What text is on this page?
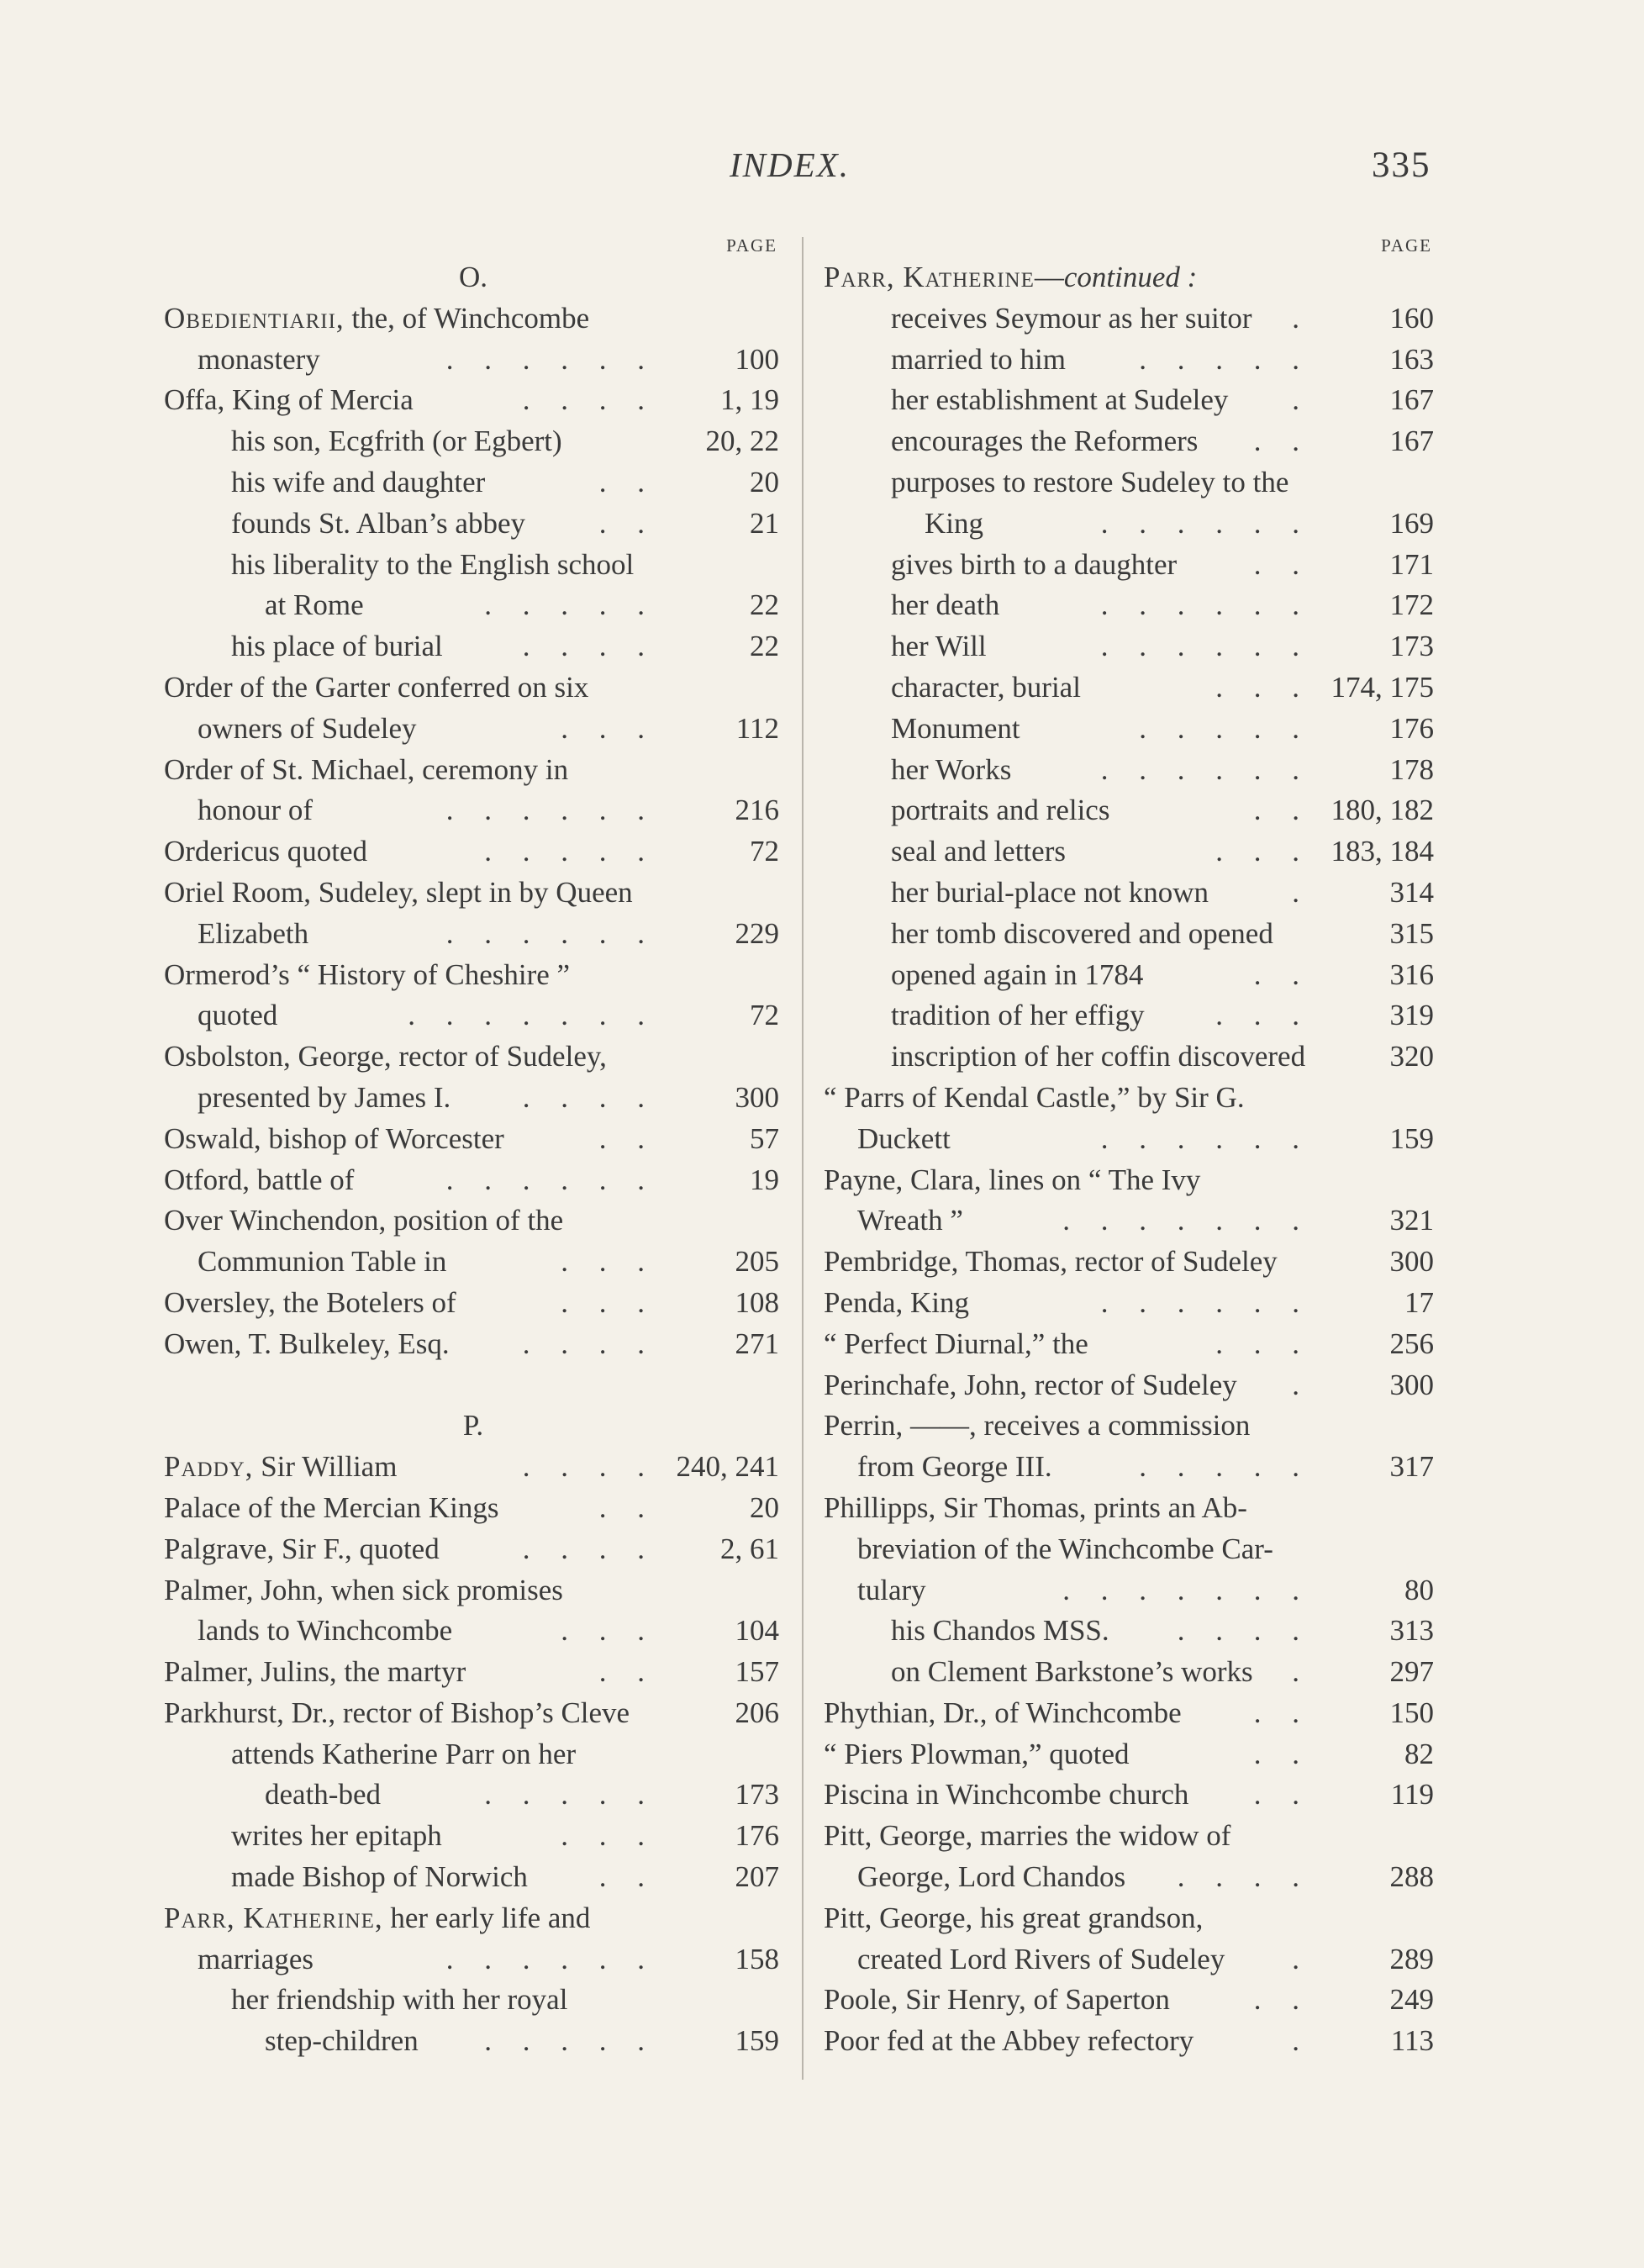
INDEX.	335
PAGE
O.
Obedientiarii, the, of Winchcombe
monastery	. . . . . .	100
Offa, King of Mercia	. . . . 1, 19
his son, Ecgfrith (or Egbert)	20, 22
his wife and daughter	. .	20
founds St. Alban’s abbey	. .	21
his liberality to the English school
at Rome	. . . . .	22
his place of burial	. . . .	22
Order of the Garter conferred on six
owners of Sudeley	. . .	112
Order of St. Michael, ceremony in
honour of	. . . . . .	216
Ordericus quoted	. . . . .	72
Oriel Room, Sudeley, slept in by Queen
Elizabeth	. . . . . .	229
Ormerod’s “ History of Cheshire ”
quoted	. . . . . . .	72
Osbolston, George, rector of Sudeley,
presented by James I. . . . .	300
Oswald, bishop of Worcester	. .	57
Otford, battle of	. . . . . .	19
Over Winchendon, position of the
Communion Table in	. . .	205
Oversley, the Botelers of	. . .	108
Owen, T. Bulkeley, Esq. . . . .	271
P.
Paddy, Sir William	. . . . 240, 241
Palace of the Mercian Kings	. .	20
Palgrave, Sir F., quoted	. . . . 2, 61
Palmer, John, when sick promises
lands to Winchcombe	. . .	104
Palmer, Julins, the martyr	. .	157
Parkhurst, Dr., rector of Bishop’s Cleve	206
attends Katherine Parr on her
death-bed	. . . . .	173
writes her epitaph	. . .	176
made Bishop of Norwich . .	207
Parr, Katherine, her early life and
marriages	. . . . . .	158
her friendship with her royal
step-children . . . . .	159
PAGE
Parr, Katherine—continued :
receives Seymour as her suitor .	160
married to him . . . . .	163
her establishment at Sudeley .	167
encourages the Reformers . .	167
purposes to restore Sudeley to the
King	. . . . . .	169
gives birth to a daughter	. .	171
her death	. . . . . .	172
her Will	. . . . . .	173
character, burial	. . . 174, 175
Monument	. . . . .	176
her Works	. . . . . .	178
portraits and relics	. . 180, 182
seal and letters	. . . 183, 184
her burial-place not known	.	314
her tomb discovered and opened	315
opened again in 1784	. .	316
tradition of her effigy . . .	319
inscription of her coffin discovered	320
“ Parrs of Kendal Castle,” by Sir G.
Duckett	. . . . . .	159
Payne, Clara, lines on “ The Ivy
Wreath ”	. . . . . . .	321
Pembridge, Thomas, rector of Sudeley	300
Penda, King	. . . . . .	17
“ Perfect Diurnal,” the	. . .	256
Perinchafe, John, rector of Sudeley .	300
Perrin, ——, receives a commission
from George III.	. . . . .	317
Phillipps, Sir Thomas, prints an Ab-
breviation of the Winchcombe Car-
tulary	. . . . . . .	80
his Chandos MSS. . . . .	313
on Clement Barkstone’s works .	297
Phythian, Dr., of Winchcombe . .	150
“ Piers Plowman,” quoted	. .	82
Piscina in Winchcombe church . .	119
Pitt, George, marries the widow of
George, Lord Chandos . . . .	288
Pitt, George, his great grandson,
created Lord Rivers of Sudeley .	289
Poole, Sir Henry, of Saperton	. .	249
Poor fed at the Abbey refectory	.	113
